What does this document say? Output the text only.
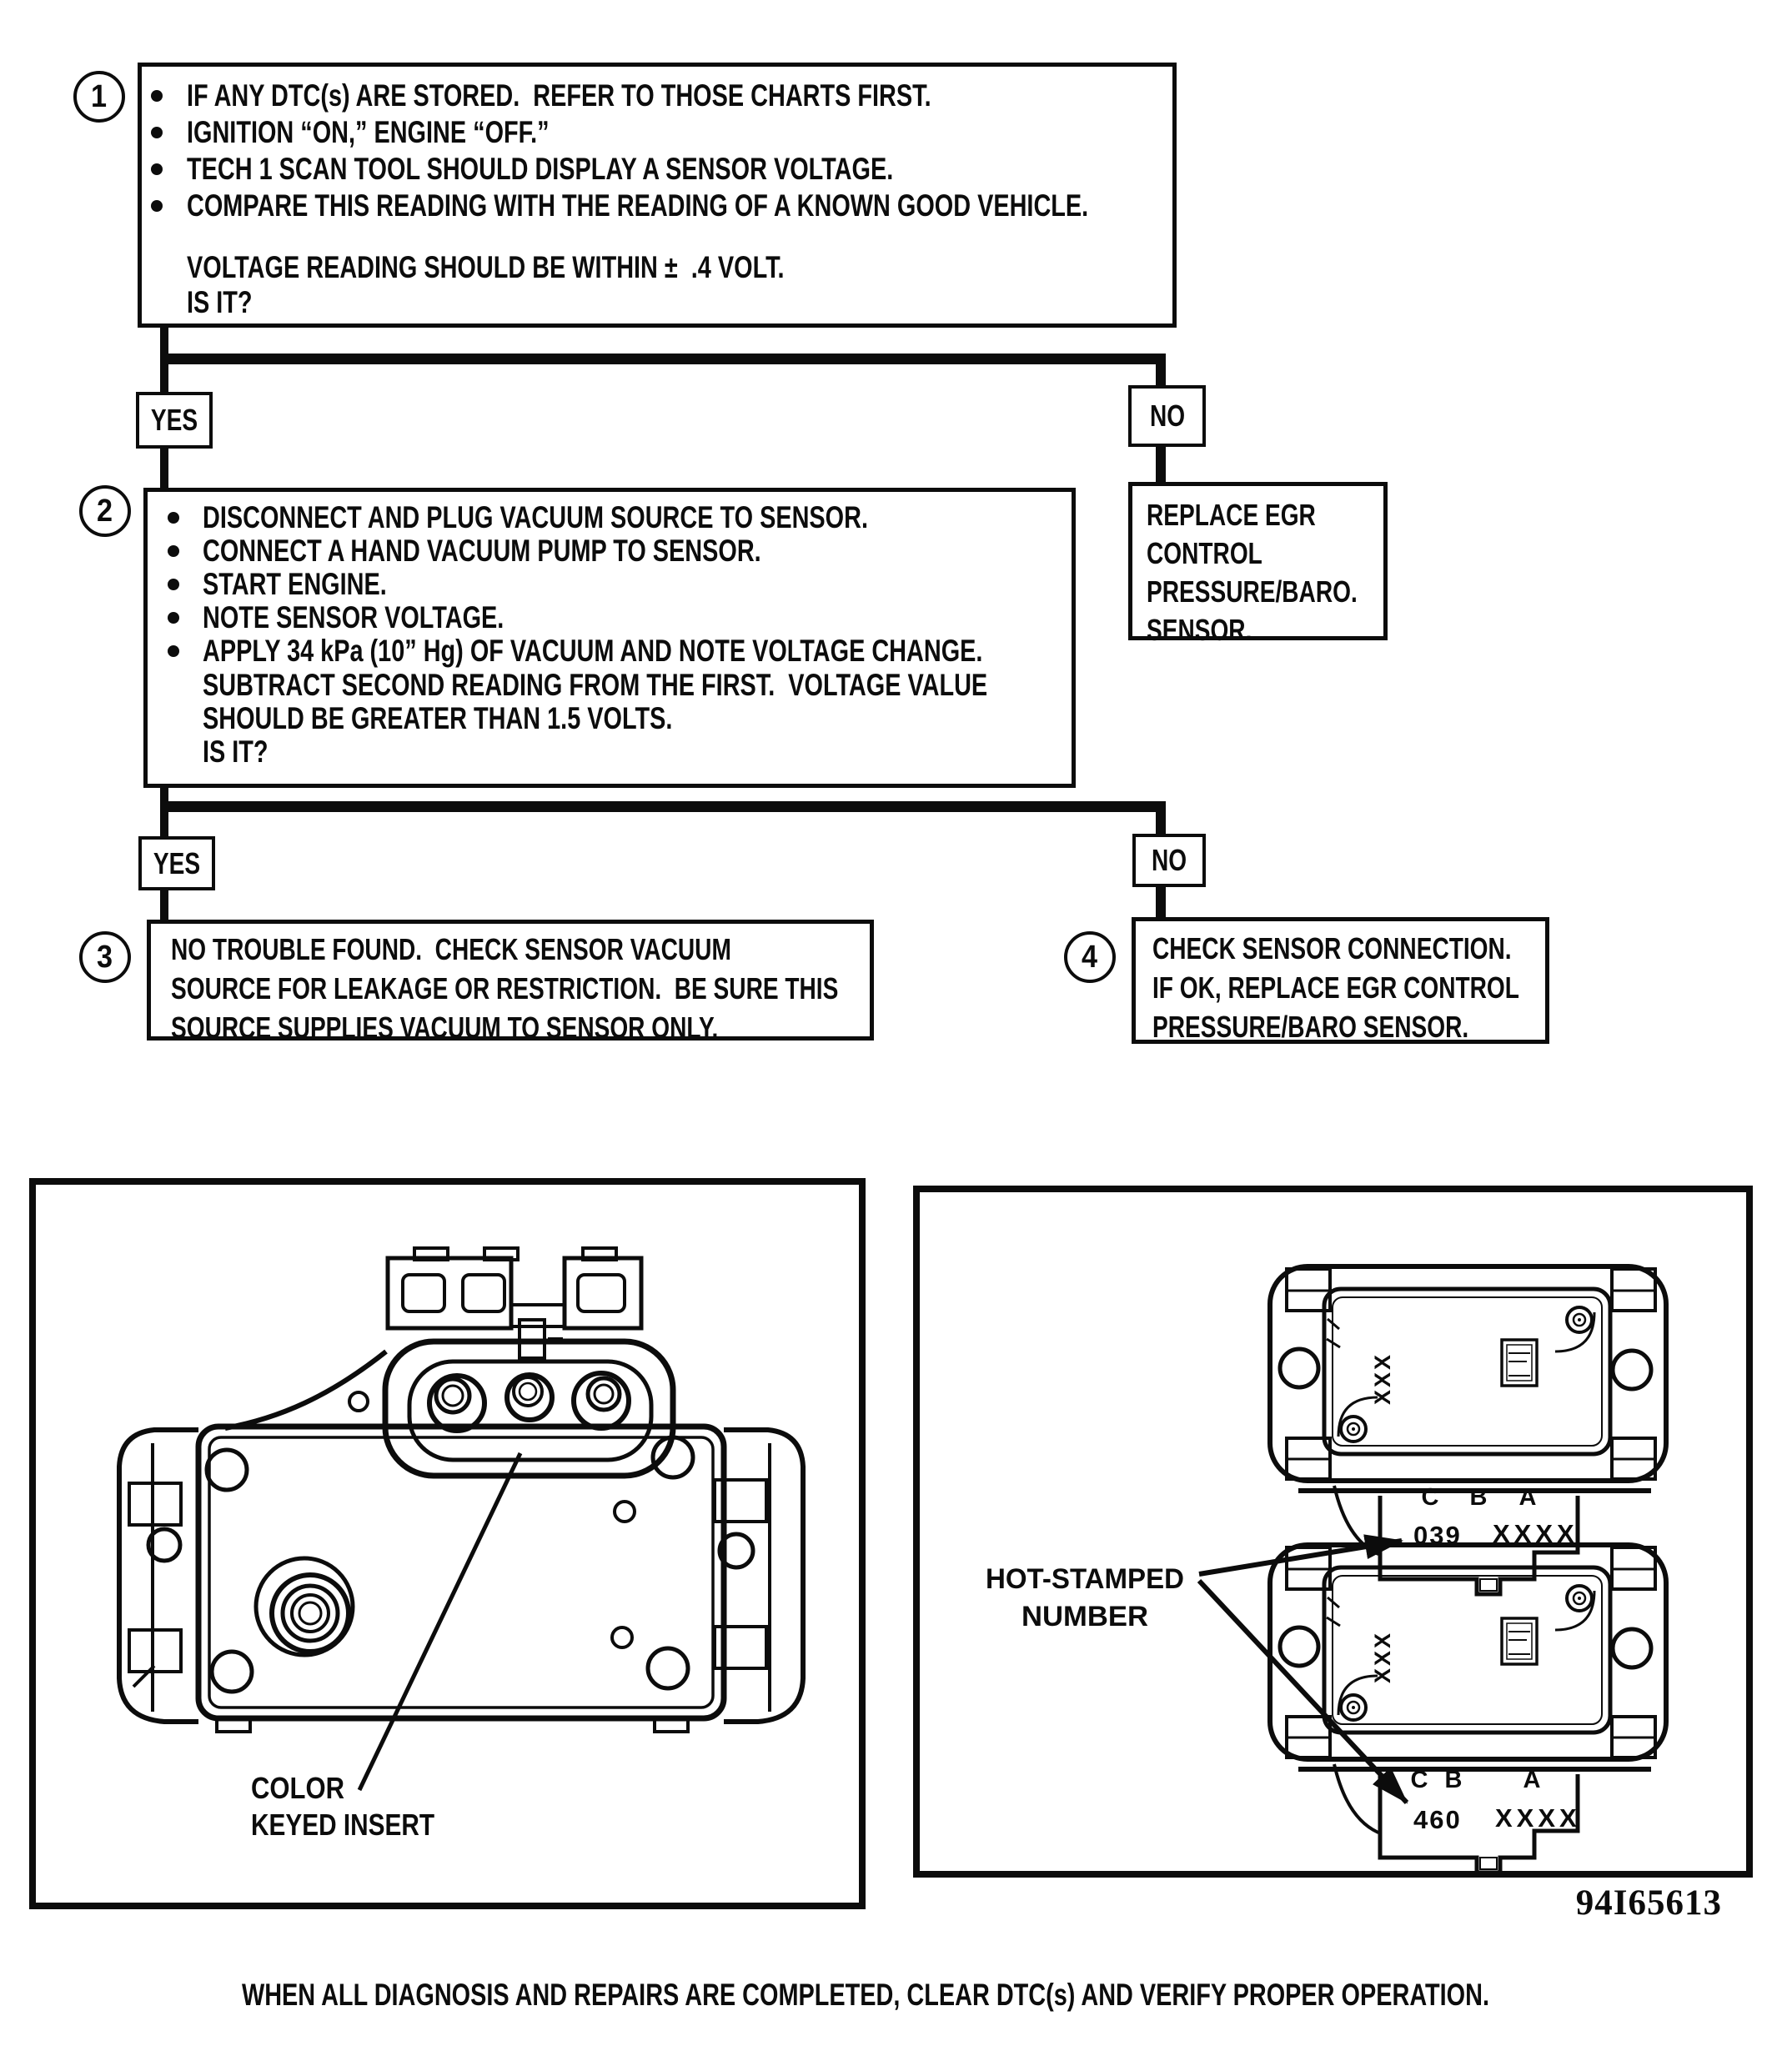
1	IF ANY DTC(s) ARE STORED.  REFER TO THOSE CHARTS FIRST.
IGNITION “ON,” ENGINE “OFF.”
TECH 1 SCAN TOOL SHOULD DISPLAY A SENSOR VOLTAGE.
COMPARE THIS READING WITH THE READING OF A KNOWN GOOD VEHICLE.
VOLTAGE READING SHOULD BE WITHIN ±  .4 VOLT.
IS IT?
YES	NO
2	DISCONNECT AND PLUG VACUUM SOURCE TO SENSOR.
CONNECT A HAND VACUUM PUMP TO SENSOR.
START ENGINE.
NOTE SENSOR VOLTAGE.
APPLY 34 kPa (10” Hg) OF VACUUM AND NOTE VOLTAGE CHANGE.
SUBTRACT SECOND READING FROM THE FIRST.  VOLTAGE VALUE
SHOULD BE GREATER THAN 1.5 VOLTS.
IS IT?
REPLACE EGR
CONTROL
PRESSURE/BARO.
SENSOR.
YES	NO
3 NO TROUBLE FOUND.  CHECK SENSOR VACUUM
SOURCE FOR LEAKAGE OR RESTRICTION.  BE SURE THIS
SOURCE SUPPLIES VACUUM TO SENSOR ONLY.
4 CHECK SENSOR CONNECTION.
IF OK, REPLACE EGR CONTROL
PRESSURE/BARO SENSOR.
COLOR
KEYED INSERT
XXX
C B A
039 XXXX
XXX
C B	A
460 XXXX
HOT-STAMPED
NUMBER
94I65613
WHEN ALL DIAGNOSIS AND REPAIRS ARE COMPLETED, CLEAR DTC(s) AND VERIFY PROPER OPERATION.
